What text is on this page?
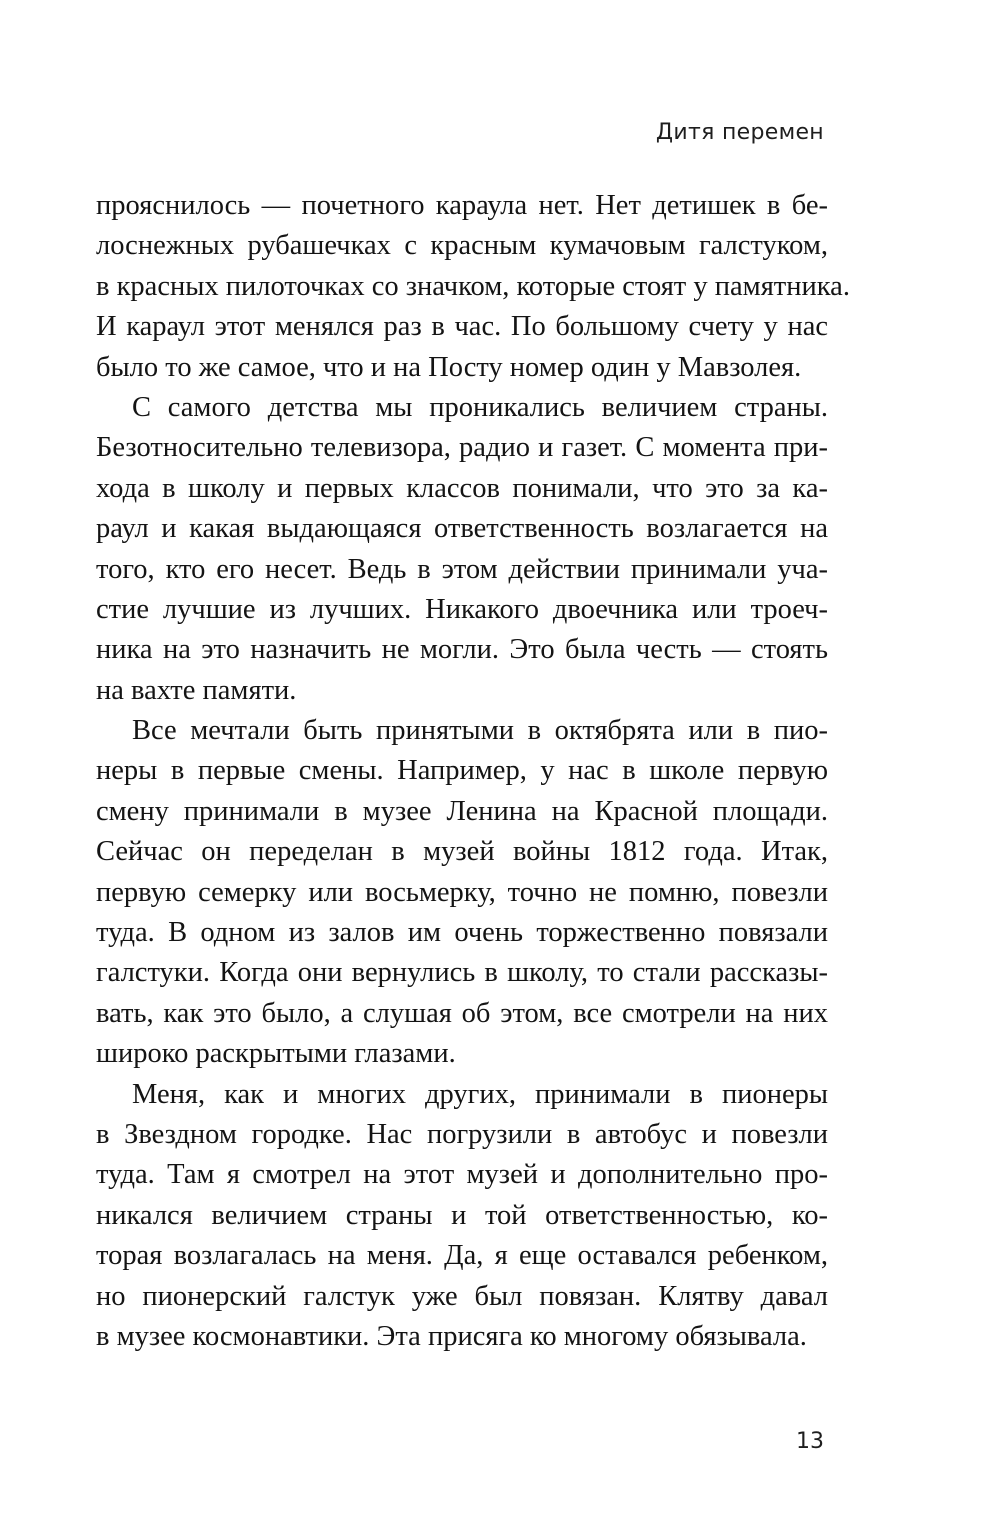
Дитя перемен
прояснилось — почетного караула нет. Нет детишек в бе-
лоснежных рубашечках с красным кумачовым галстуком,
в красных пилоточках со значком, которые стоят у памятника.
И караул этот менялся раз в час. По большому счету у нас
было то же самое, что и на Посту номер один у Мавзолея.
С самого детства мы проникались величием страны.
Безотносительно телевизора, радио и газет. С момента при-
хода в школу и первых классов понимали, что это за ка-
раул и какая выдающаяся ответственность возлагается на
того, кто его несет. Ведь в этом действии принимали уча-
стие лучшие из лучших. Никакого двоечника или троеч-
ника на это назначить не могли. Это была честь — стоять
на вахте памяти.
Все мечтали быть принятыми в октябрята или в пио-
неры в первые смены. Например, у нас в школе первую
смену принимали в музее Ленина на Красной площади.
Сейчас он переделан в музей войны 1812 года. Итак,
первую семерку или восьмерку, точно не помню, повезли
туда. В одном из залов им очень торжественно повязали
галстуки. Когда они вернулись в школу, то стали рассказы-
вать, как это было, а слушая об этом, все смотрели на них
широко раскрытыми глазами.
Меня, как и многих других, принимали в пионеры
в Звездном городке. Нас погрузили в автобус и повезли
туда. Там я смотрел на этот музей и дополнительно про-
никался величием страны и той ответственностью, ко-
торая возлагалась на меня. Да, я еще оставался ребенком,
но пионерский галстук уже был повязан. Клятву давал
в музее космонавтики. Эта присяга ко многому обязывала.
13
